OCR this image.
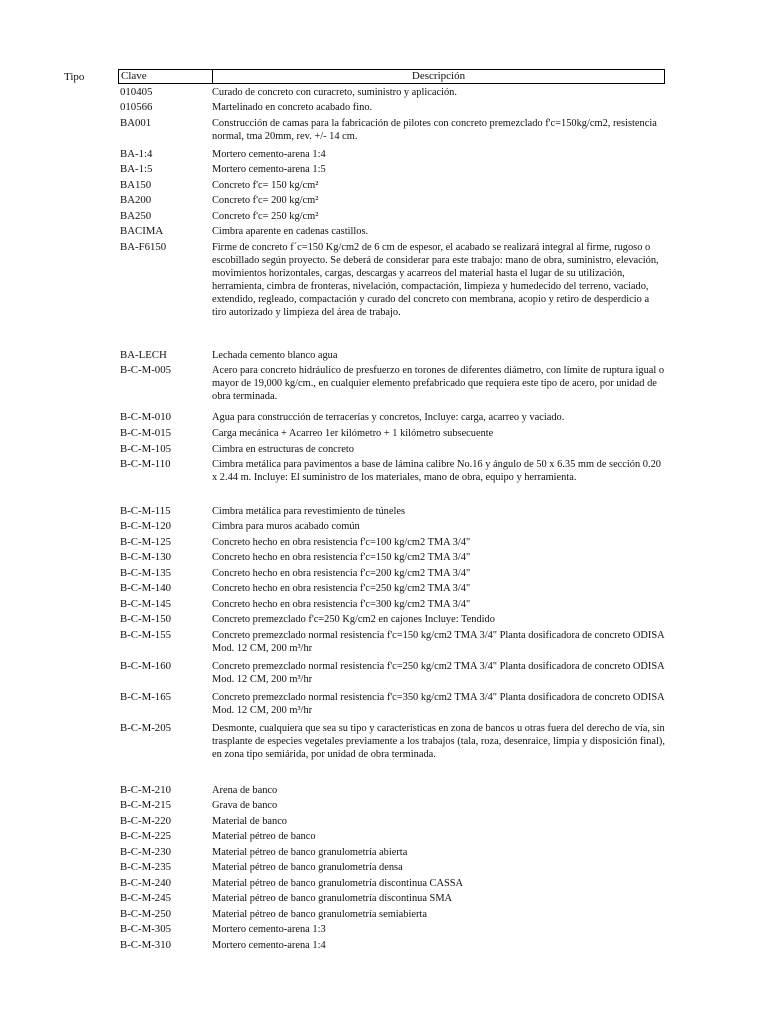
Tipo	Clave	Descripción
010405	Curado de concreto con curacreto, suministro y aplicación.
010566	Martelinado en concreto acabado fino.
BA001	Construcción de camas para la fabricación de pilotes con concreto premezclado f'c=150kg/cm2, resistencia normal, tma 20mm, rev. +/- 14 cm.
BA-1:4	Mortero cemento-arena 1:4
BA-1:5	Mortero cemento-arena 1:5
BA150	Concreto f'c= 150 kg/cm²
BA200	Concreto f'c= 200 kg/cm²
BA250	Concreto f'c= 250 kg/cm²
BACIMA	Cimbra aparente en cadenas castillos.
BA-F6150	Firme de concreto f´c=150 Kg/cm2 de 6 cm de espesor, el acabado se realizará integral al firme, rugoso o escobillado según proyecto. Se deberá de considerar para este trabajo: mano de obra, suministro, elevación, movimientos horizontales, cargas, descargas y acarreos del material hasta el lugar de su utilización, herramienta, cimbra de fronteras, nivelación, compactación, limpieza y humedecido del terreno, vaciado, extendido, regleado, compactación y curado del concreto con membrana, acopio y retiro de desperdicio a tiro autorizado y limpieza del área de trabajo.
BA-LECH	Lechada cemento blanco agua
B-C-M-005	Acero para concreto hidráulico de presfuerzo en torones de diferentes diámetro, con límite de ruptura igual o mayor de 19,000 kg/cm., en cualquier elemento prefabricado que requiera este tipo de acero, por unidad de obra terminada.
B-C-M-010	Agua para construcción de terracerías y concretos, Incluye: carga, acarreo y vaciado.
B-C-M-015	Carga mecánica + Acarreo 1er kilómetro + 1 kilómetro subsecuente
B-C-M-105	Cimbra en estructuras de concreto
B-C-M-110	Cimbra metálica para pavimentos a base de lámina calibre No.16 y ángulo de 50 x 6.35 mm de sección 0.20 x 2.44 m. Incluye: El suministro de los materiales, mano de obra, equipo y herramienta.
B-C-M-115	Cimbra metálica para revestimiento de túneles
B-C-M-120	Cimbra para muros acabado común
B-C-M-125	Concreto hecho en obra resistencia f'c=100 kg/cm2 TMA 3/4"
B-C-M-130	Concreto hecho en obra resistencia f'c=150 kg/cm2 TMA 3/4"
B-C-M-135	Concreto hecho en obra resistencia f'c=200 kg/cm2 TMA 3/4"
B-C-M-140	Concreto hecho en obra resistencia f'c=250 kg/cm2 TMA 3/4"
B-C-M-145	Concreto hecho en obra resistencia f'c=300 kg/cm2 TMA 3/4"
B-C-M-150	Concreto premezclado f'c=250 Kg/cm2 en cajones Incluye: Tendido
B-C-M-155	Concreto premezclado normal resistencia f'c=150 kg/cm2 TMA 3/4" Planta dosificadora de concreto ODISA Mod. 12 CM, 200 m³/hr
B-C-M-160	Concreto premezclado normal resistencia f'c=250 kg/cm2 TMA 3/4" Planta dosificadora de concreto ODISA Mod. 12 CM, 200 m³/hr
B-C-M-165	Concreto premezclado normal resistencia f'c=350 kg/cm2 TMA 3/4" Planta dosificadora de concreto ODISA Mod. 12 CM, 200 m³/hr
B-C-M-205	Desmonte, cualquiera que sea su tipo y características en zona de bancos u otras fuera del derecho de vía, sin trasplante de especies vegetales previamente a los trabajos (tala, roza, desenraice, limpia y disposición final), en zona tipo semiárida, por unidad de obra terminada.
B-C-M-210	Arena de banco
B-C-M-215	Grava de banco
B-C-M-220	Material de banco
B-C-M-225	Material pétreo de banco
B-C-M-230	Material pétreo de banco granulometría abierta
B-C-M-235	Material pétreo de banco granulometría densa
B-C-M-240	Material pétreo de banco granulometría discontinua CASSA
B-C-M-245	Material pétreo de banco granulometría discontinua SMA
B-C-M-250	Material pétreo de banco granulometría semiabierta
B-C-M-305	Mortero cemento-arena 1:3
B-C-M-310	Mortero cemento-arena 1:4
